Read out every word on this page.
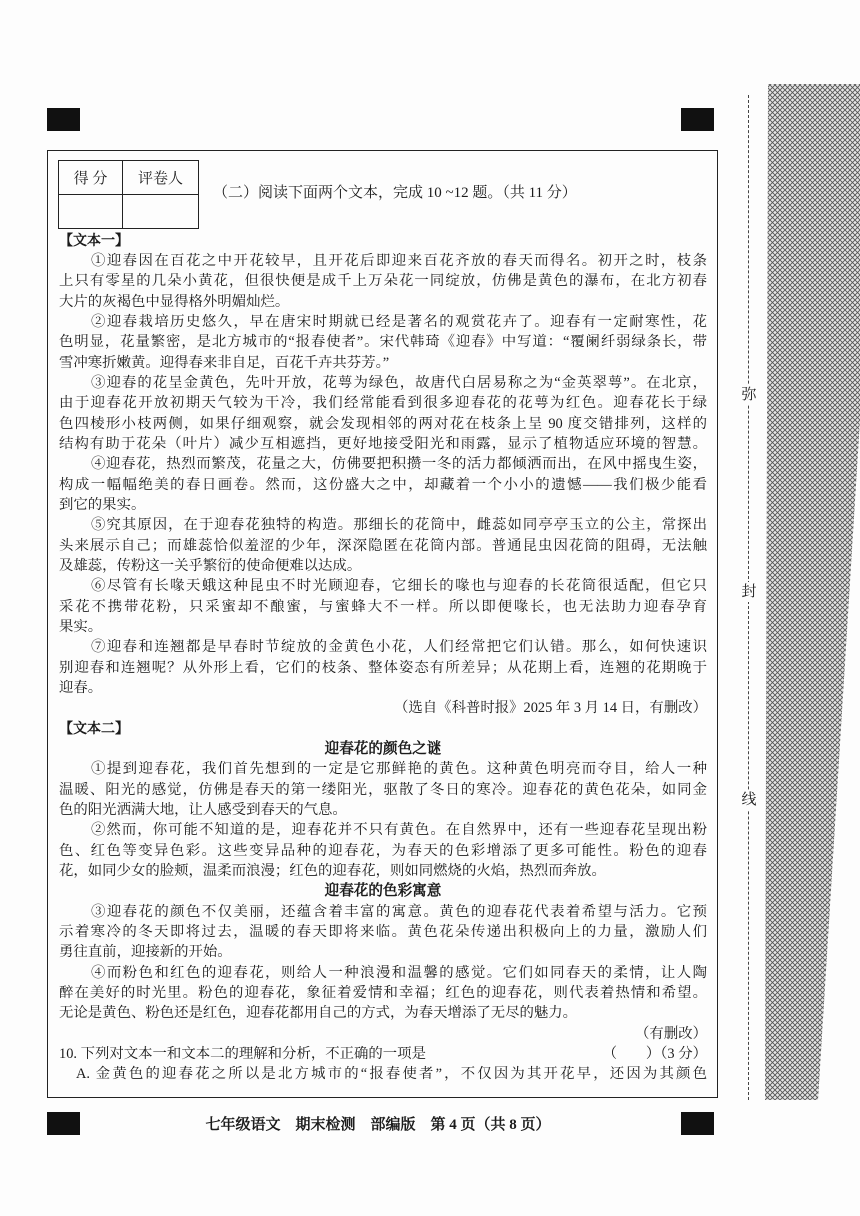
弥
封
线
得 分	评卷人

（二）阅读下面两个文本，完成 10 ~12 题。（共 11 分）
【文本一】
①迎春因在百花之中开花较早，且开花后即迎来百花齐放的春天而得名。初开之时，枝条
上只有零星的几朵小黄花，但很快便是成千上万朵花一同绽放，仿佛是黄色的瀑布，在北方初春
大片的灰褐色中显得格外明媚灿烂。
②迎春栽培历史悠久，早在唐宋时期就已经是著名的观赏花卉了。迎春有一定耐寒性，花
色明显，花量繁密，是北方城市的“报春使者”。宋代韩琦《迎春》中写道：“覆阑纤弱绿条长，带
雪冲寒折嫩黄。迎得春来非自足，百花千卉共芬芳。”
③迎春的花呈金黄色，先叶开放，花萼为绿色，故唐代白居易称之为“金英翠萼”。在北京，
由于迎春花开放初期天气较为干冷，我们经常能看到很多迎春花的花萼为红色。迎春花长于绿
色四棱形小枝两侧，如果仔细观察，就会发现相邻的两对花在枝条上呈 90 度交错排列，这样的
结构有助于花朵（叶片）减少互相遮挡，更好地接受阳光和雨露，显示了植物适应环境的智慧。
④迎春花，热烈而繁茂，花量之大，仿佛要把积攒一冬的活力都倾洒而出，在风中摇曳生姿，
构成一幅幅绝美的春日画卷。然而，这份盛大之中，却藏着一个小小的遗憾——我们极少能看
到它的果实。
⑤究其原因，在于迎春花独特的构造。那细长的花筒中，雌蕊如同亭亭玉立的公主，常探出
头来展示自己；而雄蕊恰似羞涩的少年，深深隐匿在花筒内部。普通昆虫因花筒的阻碍，无法触
及雄蕊，传粉这一关乎繁衍的使命便难以达成。
⑥尽管有长喙天蛾这种昆虫不时光顾迎春，它细长的喙也与迎春的长花筒很适配，但它只
采花不携带花粉，只采蜜却不酿蜜，与蜜蜂大不一样。所以即便喙长，也无法助力迎春孕育
果实。
⑦迎春和连翘都是早春时节绽放的金黄色小花，人们经常把它们认错。那么，如何快速识
别迎春和连翘呢？从外形上看，它们的枝条、整体姿态有所差异；从花期上看，连翘的花期晚于
迎春。
（选自《科普时报》2025 年 3 月 14 日，有删改）
【文本二】
迎春花的颜色之谜
①提到迎春花，我们首先想到的一定是它那鲜艳的黄色。这种黄色明亮而夺目，给人一种
温暖、阳光的感觉，仿佛是春天的第一缕阳光，驱散了冬日的寒冷。迎春花的黄色花朵，如同金
色的阳光洒满大地，让人感受到春天的气息。
②然而，你可能不知道的是，迎春花并不只有黄色。在自然界中，还有一些迎春花呈现出粉
色、红色等变异色彩。这些变异品种的迎春花，为春天的色彩增添了更多可能性。粉色的迎春
花，如同少女的脸颊，温柔而浪漫；红色的迎春花，则如同燃烧的火焰，热烈而奔放。
迎春花的色彩寓意
③迎春花的颜色不仅美丽，还蕴含着丰富的寓意。黄色的迎春花代表着希望与活力。它预
示着寒冷的冬天即将过去，温暖的春天即将来临。黄色花朵传递出积极向上的力量，激励人们
勇往直前，迎接新的开始。
④而粉色和红色的迎春花，则给人一种浪漫和温馨的感觉。它们如同春天的柔情，让人陶
醉在美好的时光里。粉色的迎春花，象征着爱情和幸福；红色的迎春花，则代表着热情和希望。
无论是黄色、粉色还是红色，迎春花都用自己的方式，为春天增添了无尽的魅力。
（有删改）
10. 下列对文本一和文本二的理解和分析，不正确的一项是	（　　）（3 分）
A. 金黄色的迎春花之所以是北方城市的“报春使者”，不仅因为其开花早，还因为其颜色
七年级语文　期末检测　部编版　第 4 页（共 8 页）
